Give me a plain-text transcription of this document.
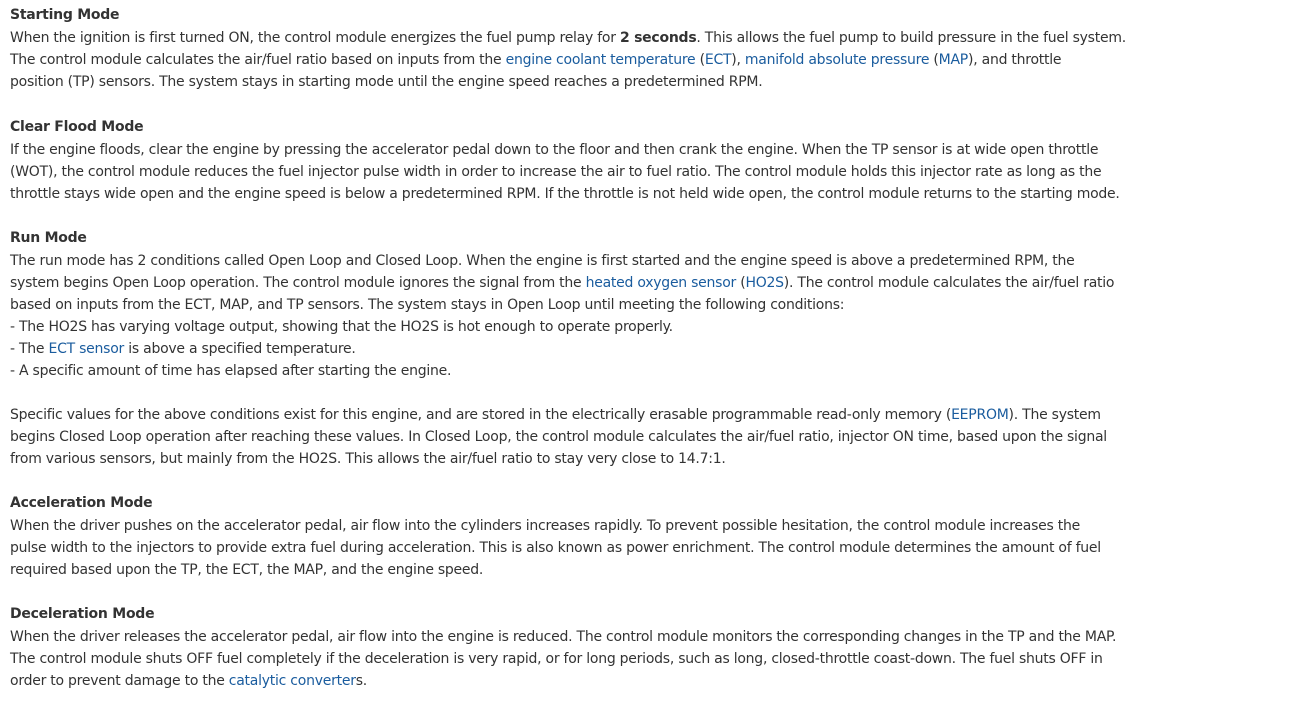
Starting Mode
When the ignition is first turned ON, the control module energizes the fuel pump relay for 2 seconds. This allows the fuel pump to build pressure in the fuel system.
The control module calculates the air/fuel ratio based on inputs from the engine coolant temperature (ECT), manifold absolute pressure (MAP), and throttle
position (TP) sensors. The system stays in starting mode until the engine speed reaches a predetermined RPM.
Clear Flood Mode
If the engine floods, clear the engine by pressing the accelerator pedal down to the floor and then crank the engine. When the TP sensor is at wide open throttle
(WOT), the control module reduces the fuel injector pulse width in order to increase the air to fuel ratio. The control module holds this injector rate as long as the
throttle stays wide open and the engine speed is below a predetermined RPM. If the throttle is not held wide open, the control module returns to the starting mode.
Run Mode
The run mode has 2 conditions called Open Loop and Closed Loop. When the engine is first started and the engine speed is above a predetermined RPM, the
system begins Open Loop operation. The control module ignores the signal from the heated oxygen sensor (HO2S). The control module calculates the air/fuel ratio
based on inputs from the ECT, MAP, and TP sensors. The system stays in Open Loop until meeting the following conditions:
- The HO2S has varying voltage output, showing that the HO2S is hot enough to operate properly.
- The ECT sensor is above a specified temperature.
- A specific amount of time has elapsed after starting the engine.
Specific values for the above conditions exist for this engine, and are stored in the electrically erasable programmable read-only memory (EEPROM). The system
begins Closed Loop operation after reaching these values. In Closed Loop, the control module calculates the air/fuel ratio, injector ON time, based upon the signal
from various sensors, but mainly from the HO2S. This allows the air/fuel ratio to stay very close to 14.7:1.
Acceleration Mode
When the driver pushes on the accelerator pedal, air flow into the cylinders increases rapidly. To prevent possible hesitation, the control module increases the
pulse width to the injectors to provide extra fuel during acceleration. This is also known as power enrichment. The control module determines the amount of fuel
required based upon the TP, the ECT, the MAP, and the engine speed.
Deceleration Mode
When the driver releases the accelerator pedal, air flow into the engine is reduced. The control module monitors the corresponding changes in the TP and the MAP.
The control module shuts OFF fuel completely if the deceleration is very rapid, or for long periods, such as long, closed-throttle coast-down. The fuel shuts OFF in
order to prevent damage to the catalytic converters.
